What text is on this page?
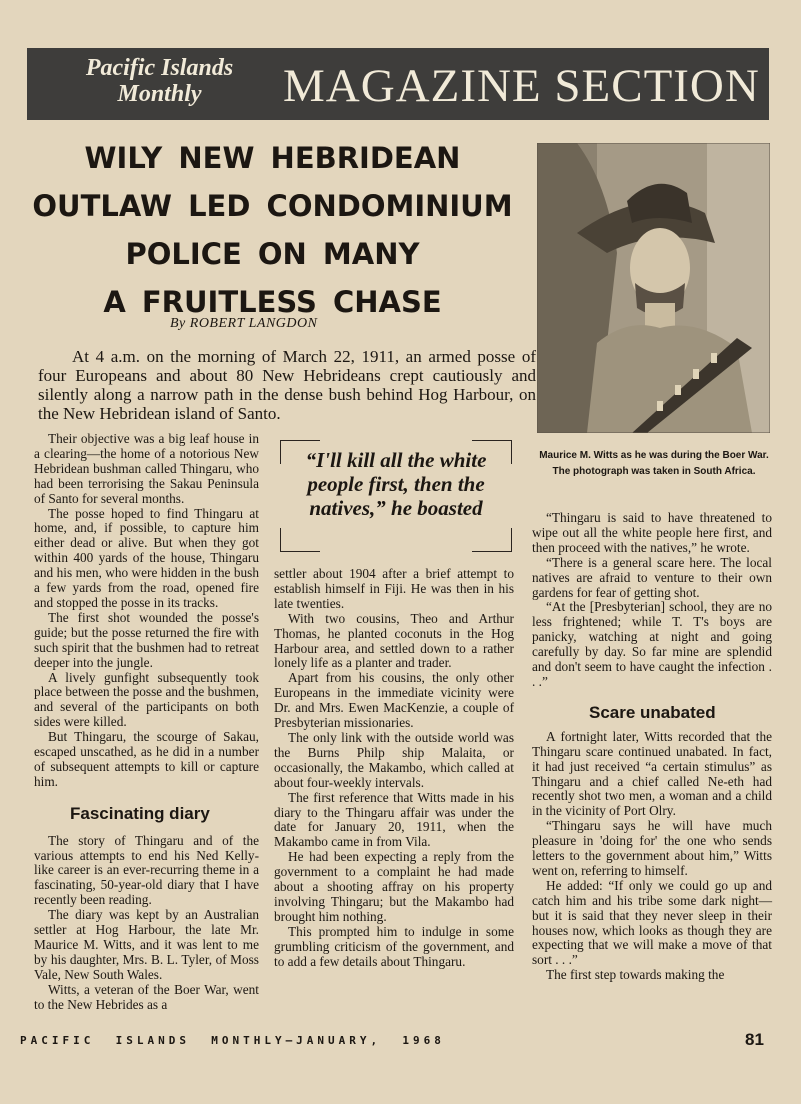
Pacific Islands
Monthly	MAGAZINE SECTION
WILY NEW HEBRIDEAN
OUTLAW LED CONDOMINIUM
POLICE ON MANY
A FRUITLESS CHASE
By ROBERT LANGDON

At 4 a.m. on the morning of March 22, 1911, an armed posse of four Europeans and about 80 New Hebrideans crept cautiously and silently along a narrow path in the dense bush behind Hog Harbour, on the New Hebridean island of Santo.

Maurice M. Witts as he was during the Boer War. The photograph was taken in South Africa.

“I'll kill all the white people first, then the natives,” he boasted

Their objective was a big leaf house in a clearing—the home of a notorious New Hebridean bushman called Thingaru, who had been terrorising the Sakau Peninsula of Santo for several months.

The posse hoped to find Thingaru at home, and, if possible, to capture him either dead or alive. But when they got within 400 yards of the house, Thingaru and his men, who were hidden in the bush a few yards from the road, opened fire and stopped the posse in its tracks.

The first shot wounded the posse's guide; but the posse returned the fire with such spirit that the bushmen had to retreat deeper into the jungle.

A lively gunfight subsequently took place between the posse and the bushmen, and several of the participants on both sides were killed.

But Thingaru, the scourge of Sakau, escaped unscathed, as he did in a number of subsequent attempts to kill or capture him.

Fascinating diary

The story of Thingaru and of the various attempts to end his Ned Kelly-like career is an ever-recurring theme in a fascinating, 50-year-old diary that I have recently been reading.

The diary was kept by an Australian settler at Hog Harbour, the late Mr. Maurice M. Witts, and it was lent to me by his daughter, Mrs. B. L. Tyler, of Moss Vale, New South Wales.

Witts, a veteran of the Boer War, went to the New Hebrides as a

settler about 1904 after a brief attempt to establish himself in Fiji. He was then in his late twenties.

With two cousins, Theo and Arthur Thomas, he planted coconuts in the Hog Harbour area, and settled down to a rather lonely life as a planter and trader.

Apart from his cousins, the only other Europeans in the immediate vicinity were Dr. and Mrs. Ewen MacKenzie, a couple of Presbyterian missionaries.

The only link with the outside world was the Burns Philp ship Malaita, or occasionally, the Makambo, which called at about four-weekly intervals.

The first reference that Witts made in his diary to the Thingaru affair was under the date for January 20, 1911, when the Makambo came in from Vila.

He had been expecting a reply from the government to a complaint he had made about a shooting affray on his property involving Thingaru; but the Makambo had brought him nothing.

This prompted him to indulge in some grumbling criticism of the government, and to add a few details about Thingaru.

“Thingaru is said to have threatened to wipe out all the white people here first, and then proceed with the natives,” he wrote.

“There is a general scare here. The local natives are afraid to venture to their own gardens for fear of getting shot.

“At the [Presbyterian] school, they are no less frightened; while T. T's boys are panicky, watching at night and going carefully by day. So far mine are splendid and don't seem to have caught the infection . . .”

Scare unabated

A fortnight later, Witts recorded that the Thingaru scare continued unabated. In fact, it had just received “a certain stimulus” as Thingaru and a chief called Ne-eth had recently shot two men, a woman and a child in the vicinity of Port Olry.

“Thingaru says he will have much pleasure in 'doing for' the one who sends letters to the government about him,” Witts went on, referring to himself.

He added: “If only we could go up and catch him and his tribe some dark night—but it is said that they never sleep in their houses now, which looks as though they are expecting that we will make a move of that sort . . .”

The first step towards making the

PACIFIC  ISLANDS  MONTHLY—JANUARY,  1968	81
